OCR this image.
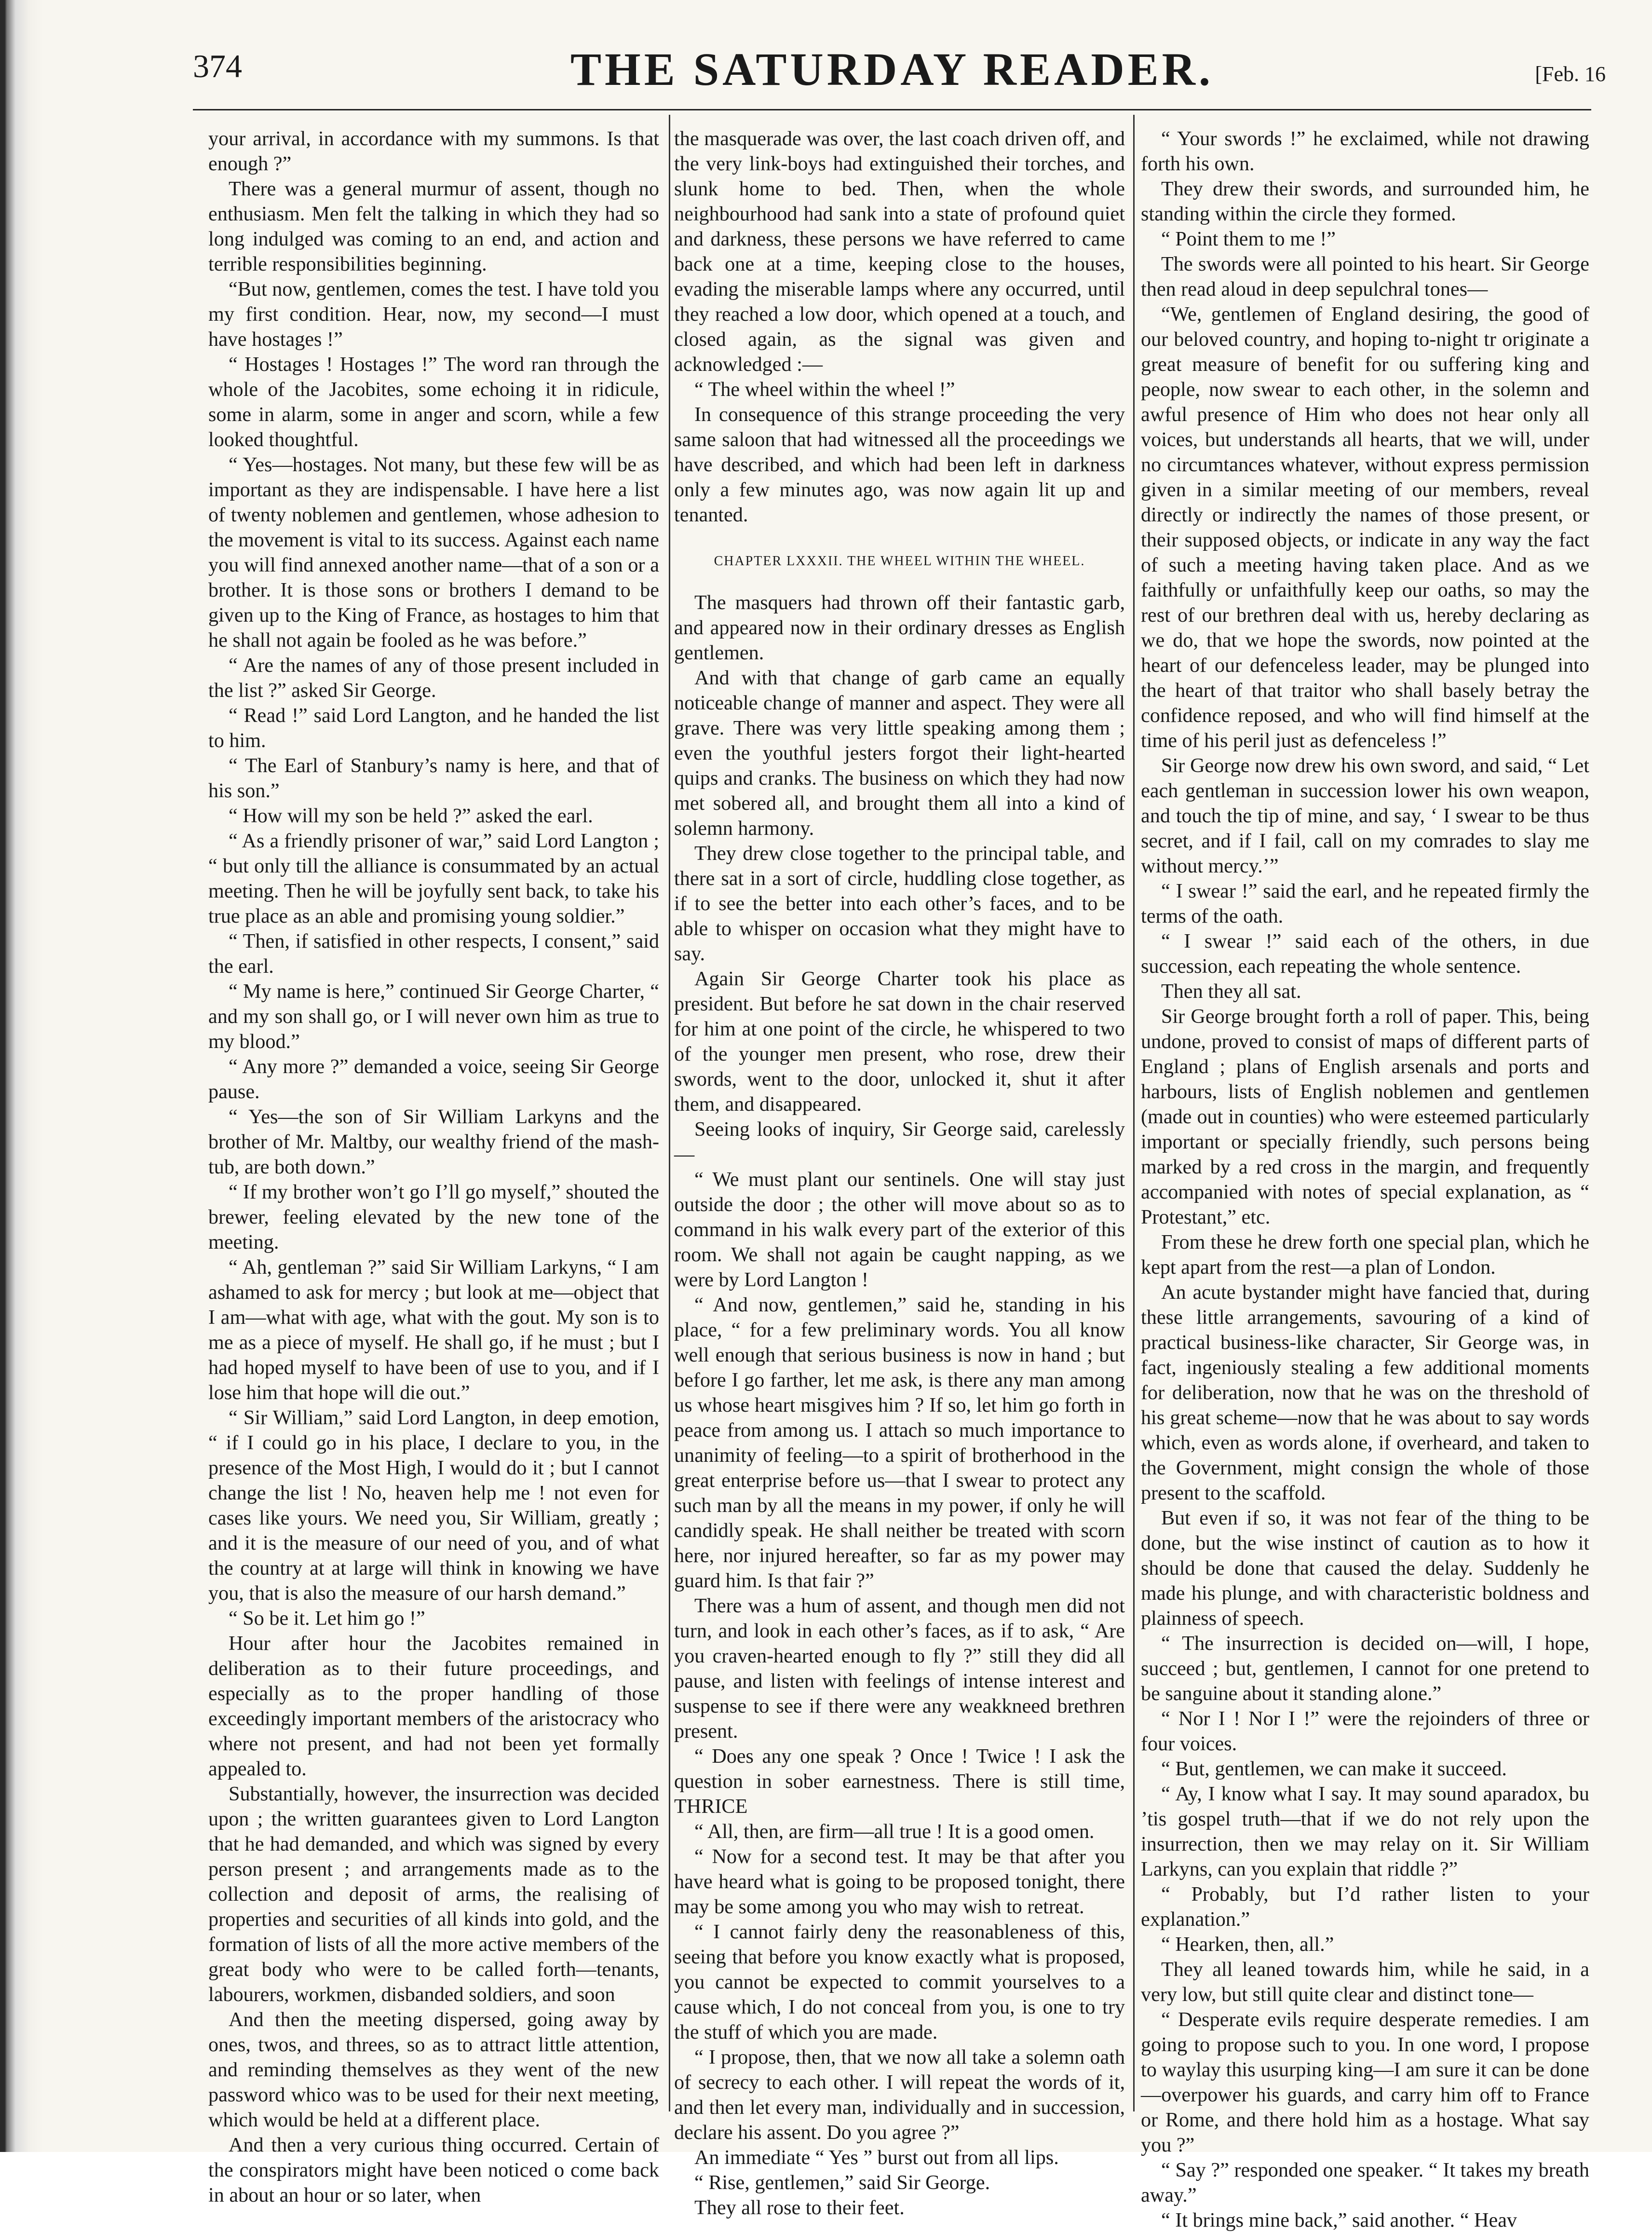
374	THE SATURDAY READER.	[Feb. 16

your arrival, in accordance with my summons. Is that enough ?”

There was a general murmur of assent, though no enthusiasm. Men felt the talking in which they had so long indulged was coming to an end, and action and terrible responsibilities beginning.

“But now, gentlemen, comes the test. I have told you my first condition. Hear, now, my second—I must have hostages !”

“ Hostages ! Hostages !” The word ran through the whole of the Jacobites, some echoing it in ridicule, some in alarm, some in anger and scorn, while a few looked thoughtful.

“ Yes—hostages. Not many, but these few will be as important as they are indispensable. I have here a list of twenty noblemen and gentlemen, whose adhesion to the movement is vital to its success. Against each name you will find annexed another name—that of a son or a brother. It is those sons or brothers I demand to be given up to the King of France, as hostages to him that he shall not again be fooled as he was before.”

“ Are the names of any of those present included in the list ?” asked Sir George.

“ Read !” said Lord Langton, and he handed the list to him.

“ The Earl of Stanbury’s namy is here, and that of his son.”

“ How will my son be held ?” asked the earl.

“ As a friendly prisoner of war,” said Lord Langton ; “ but only till the alliance is consummated by an actual meeting. Then he will be joyfully sent back, to take his true place as an able and promising young soldier.”

“ Then, if satisfied in other respects, I consent,” said the earl.

“ My name is here,” continued Sir George Charter, “ and my son shall go, or I will never own him as true to my blood.”

“ Any more ?” demanded a voice, seeing Sir George pause.

“ Yes—the son of Sir William Larkyns and the brother of Mr. Maltby, our wealthy friend of the mash-tub, are both down.”

“ If my brother won’t go I’ll go myself,” shouted the brewer, feeling elevated by the new tone of the meeting.

“ Ah, gentleman ?” said Sir William Larkyns, “ I am ashamed to ask for mercy ; but look at me—object that I am—what with age, what with the gout. My son is to me as a piece of myself. He shall go, if he must ; but I had hoped myself to have been of use to you, and if I lose him that hope will die out.”

“ Sir William,” said Lord Langton, in deep emotion, “ if I could go in his place, I declare to you, in the presence of the Most High, I would do it ; but I cannot change the list ! No, heaven help me ! not even for cases like yours. We need you, Sir William, greatly ; and it is the measure of our need of you, and of what the country at at large will think in knowing we have you, that is also the measure of our harsh demand.”

“ So be it. Let him go !”

Hour after hour the Jacobites remained in deliberation as to their future proceedings, and especially as to the proper handling of those exceedingly important members of the aristocracy who where not present, and had not been yet formally appealed to.

Substantially, however, the insurrection was decided upon ; the written guarantees given to Lord Langton that he had demanded, and which was signed by every person present ; and arrangements made as to the collection and deposit of arms, the realising of properties and securities of all kinds into gold, and the formation of lists of all the more active members of the great body who were to be called forth—tenants, labourers, workmen, disbanded soldiers, and soon

And then the meeting dispersed, going away by ones, twos, and threes, so as to attract little attention, and reminding themselves as they went of the new password whico was to be used for their next meeting, which would be held at a different place.

And then a very curious thing occurred. Certain of the conspirators might have been noticed o come back in about an hour or so later, when

the masquerade was over, the last coach driven off, and the very link-boys had extinguished their torches, and slunk home to bed. Then, when the whole neighbourhood had sank into a state of profound quiet and darkness, these persons we have referred to came back one at a time, keeping close to the houses, evading the miserable lamps where any occurred, until they reached a low door, which opened at a touch, and closed again, as the signal was given and acknowledged :—

“ The wheel within the wheel !”

In consequence of this strange proceeding the very same saloon that had witnessed all the proceedings we have described, and which had been left in darkness only a few minutes ago, was now again lit up and tenanted.

CHAPTER LXXXII. THE WHEEL WITHIN THE WHEEL.

The masquers had thrown off their fantastic garb, and appeared now in their ordinary dresses as English gentlemen.

And with that change of garb came an equally noticeable change of manner and aspect. They were all grave. There was very little speaking among them ; even the youthful jesters forgot their light-hearted quips and cranks. The business on which they had now met sobered all, and brought them all into a kind of solemn harmony.

They drew close together to the principal table, and there sat in a sort of circle, huddling close together, as if to see the better into each other’s faces, and to be able to whisper on occasion what they might have to say.

Again Sir George Charter took his place as president. But before he sat down in the chair reserved for him at one point of the circle, he whispered to two of the younger men present, who rose, drew their swords, went to the door, unlocked it, shut it after them, and disappeared.

Seeing looks of inquiry, Sir George said, carelessly—

“ We must plant our sentinels. One will stay just outside the door ; the other will move about so as to command in his walk every part of the exterior of this room. We shall not again be caught napping, as we were by Lord Langton !

“ And now, gentlemen,” said he, standing in his place, “ for a few preliminary words. You all know well enough that serious business is now in hand ; but before I go farther, let me ask, is there any man among us whose heart misgives him ? If so, let him go forth in peace from among us. I attach so much importance to unanimity of feeling—to a spirit of brotherhood in the great enterprise before us—that I swear to protect any such man by all the means in my power, if only he will candidly speak. He shall neither be treated with scorn here, nor injured hereafter, so far as my power may guard him. Is that fair ?”

There was a hum of assent, and though men did not turn, and look in each other’s faces, as if to ask, “ Are you craven-hearted enough to fly ?” still they did all pause, and listen with feelings of intense interest and suspense to see if there were any weakkneed brethren present.

“ Does any one speak ? Once ! Twice ! I ask the question in sober earnestness. There is still time, THRICE

“ All, then, are firm—all true ! It is a good omen.

“ Now for a second test. It may be that after you have heard what is going to be proposed tonight, there may be some among you who may wish to retreat.

“ I cannot fairly deny the reasonableness of this, seeing that before you know exactly what is proposed, you cannot be expected to commit yourselves to a cause which, I do not conceal from you, is one to try the stuff of which you are made.

“ I propose, then, that we now all take a solemn oath of secrecy to each other. I will repeat the words of it, and then let every man, individually and in succession, declare his assent. Do you agree ?”

An immediate “ Yes ” burst out from all lips.

“ Rise, gentlemen,” said Sir George.

They all rose to their feet.

“ Your swords !” he exclaimed, while not drawing forth his own.

They drew their swords, and surrounded him, he standing within the circle they formed.

“ Point them to me !”

The swords were all pointed to his heart. Sir George then read aloud in deep sepulchral tones—

“We, gentlemen of England desiring, the good of our beloved country, and hoping to-night tr originate a great measure of benefit for ou suffering king and people, now swear to each other, in the solemn and awful presence of Him who does not hear only all voices, but understands all hearts, that we will, under no circumtances whatever, without express permission given in a similar meeting of our members, reveal directly or indirectly the names of those present, or their supposed objects, or indicate in any way the fact of such a meeting having taken place. And as we faithfully or unfaithfully keep our oaths, so may the rest of our brethren deal with us, hereby declaring as we do, that we hope the swords, now pointed at the heart of our defenceless leader, may be plunged into the heart of that traitor who shall basely betray the confidence reposed, and who will find himself at the time of his peril just as defenceless !”

Sir George now drew his own sword, and said, “ Let each gentleman in succession lower his own weapon, and touch the tip of mine, and say, ‘ I swear to be thus secret, and if I fail, call on my comrades to slay me without mercy.’”

“ I swear !” said the earl, and he repeated firmly the terms of the oath.

“ I swear !” said each of the others, in due succession, each repeating the whole sentence.

Then they all sat.

Sir George brought forth a roll of paper. This, being undone, proved to consist of maps of different parts of England ; plans of English arsenals and ports and harbours, lists of English noblemen and gentlemen (made out in counties) who were esteemed particularly important or specially friendly, such persons being marked by a red cross in the margin, and frequently accompanied with notes of special explanation, as “ Protestant,” etc.

From these he drew forth one special plan, which he kept apart from the rest—a plan of London.

An acute bystander might have fancied that, during these little arrangements, savouring of a kind of practical business-like character, Sir George was, in fact, ingeniously stealing a few additional moments for deliberation, now that he was on the threshold of his great scheme—now that he was about to say words which, even as words alone, if overheard, and taken to the Government, might consign the whole of those present to the scaffold.

But even if so, it was not fear of the thing to be done, but the wise instinct of caution as to how it should be done that caused the delay. Suddenly he made his plunge, and with characteristic boldness and plainness of speech.

“ The insurrection is decided on—will, I hope, succeed ; but, gentlemen, I cannot for one pretend to be sanguine about it standing alone.”

“ Nor I ! Nor I !” were the rejoinders of three or four voices.

“ But, gentlemen, we can make it succeed.

“ Ay, I know what I say. It may sound aparadox, bu ’tis gospel truth—that if we do not rely upon the insurrection, then we may relay on it. Sir William Larkyns, can you explain that riddle ?”

“ Probably, but I’d rather listen to your explanation.”

“ Hearken, then, all.”

They all leaned towards him, while he said, in a very low, but still quite clear and distinct tone—

“ Desperate evils require desperate remedies. I am going to propose such to you. In one word, I propose to waylay this usurping king—I am sure it can be done—overpower his guards, and carry him off to France or Rome, and there hold him as a hostage. What say you ?”

“ Say ?” responded one speaker. “ It takes my breath away.”

“ It brings mine back,” said another. “ Heav
